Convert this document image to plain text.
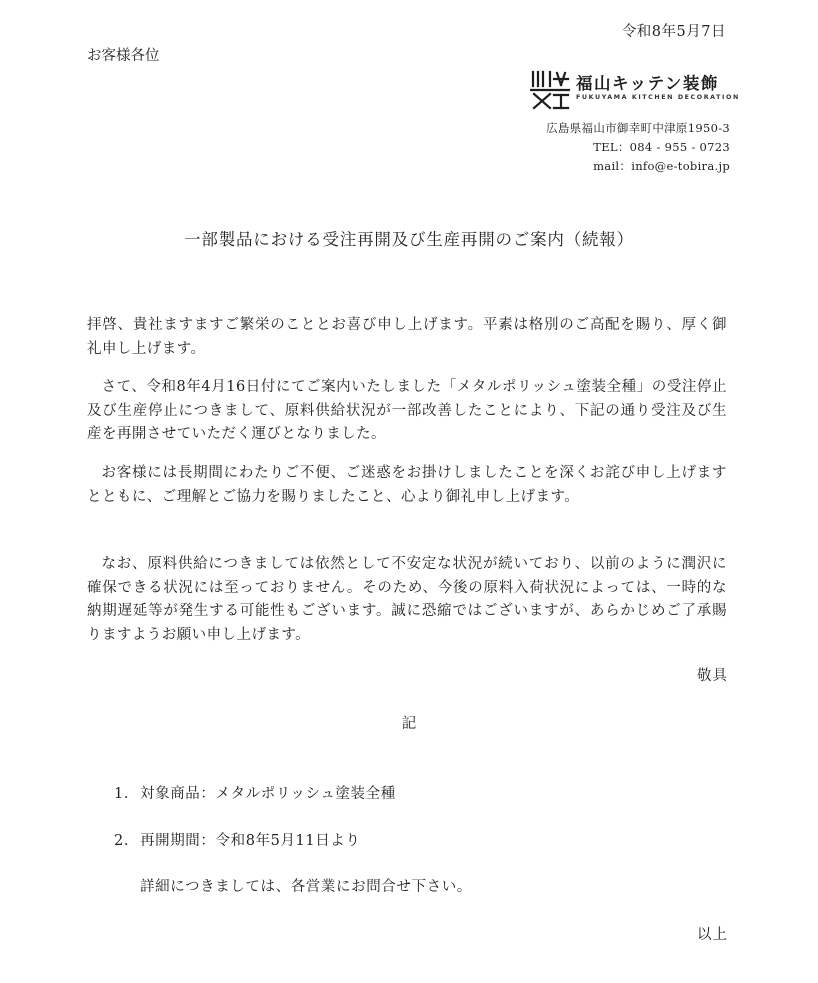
令和8年5月7日
お客様各位
福山キッテン装飾
FUKUYAMA KITCHEN DECORATION
広島県福山市御幸町中津原1950-3
TEL：084 - 955 - 0723
mail：info@e-tobira.jp
一部製品における受注再開及び生産再開のご案内（続報）
拝啓、貴社ますますご繁栄のこととお喜び申し上げます。平素は格別のご高配を賜り、厚く御礼申し上げます。
さて、令和8年4月16日付にてご案内いたしました「メタルポリッシュ塗装全種」の受注停止及び生産停止につきまして、原料供給状況が一部改善したことにより、下記の通り受注及び生産を再開させていただく運びとなりました。
お客様には長期間にわたりご不便、ご迷惑をお掛けしましたことを深くお詫び申し上げますとともに、ご理解とご協力を賜りましたこと、心より御礼申し上げます。
なお、原料供給につきましては依然として不安定な状況が続いており、以前のように潤沢に確保できる状況には至っておりません。そのため、今後の原料入荷状況によっては、一時的な納期遅延等が発生する可能性もございます。誠に恐縮ではございますが、あらかじめご了承賜りますようお願い申し上げます。
敬具
記
1. 対象商品：メタルポリッシュ塗装全種
2. 再開期間：令和8年5月11日より
詳細につきましては、各営業にお問合せ下さい。
以上
